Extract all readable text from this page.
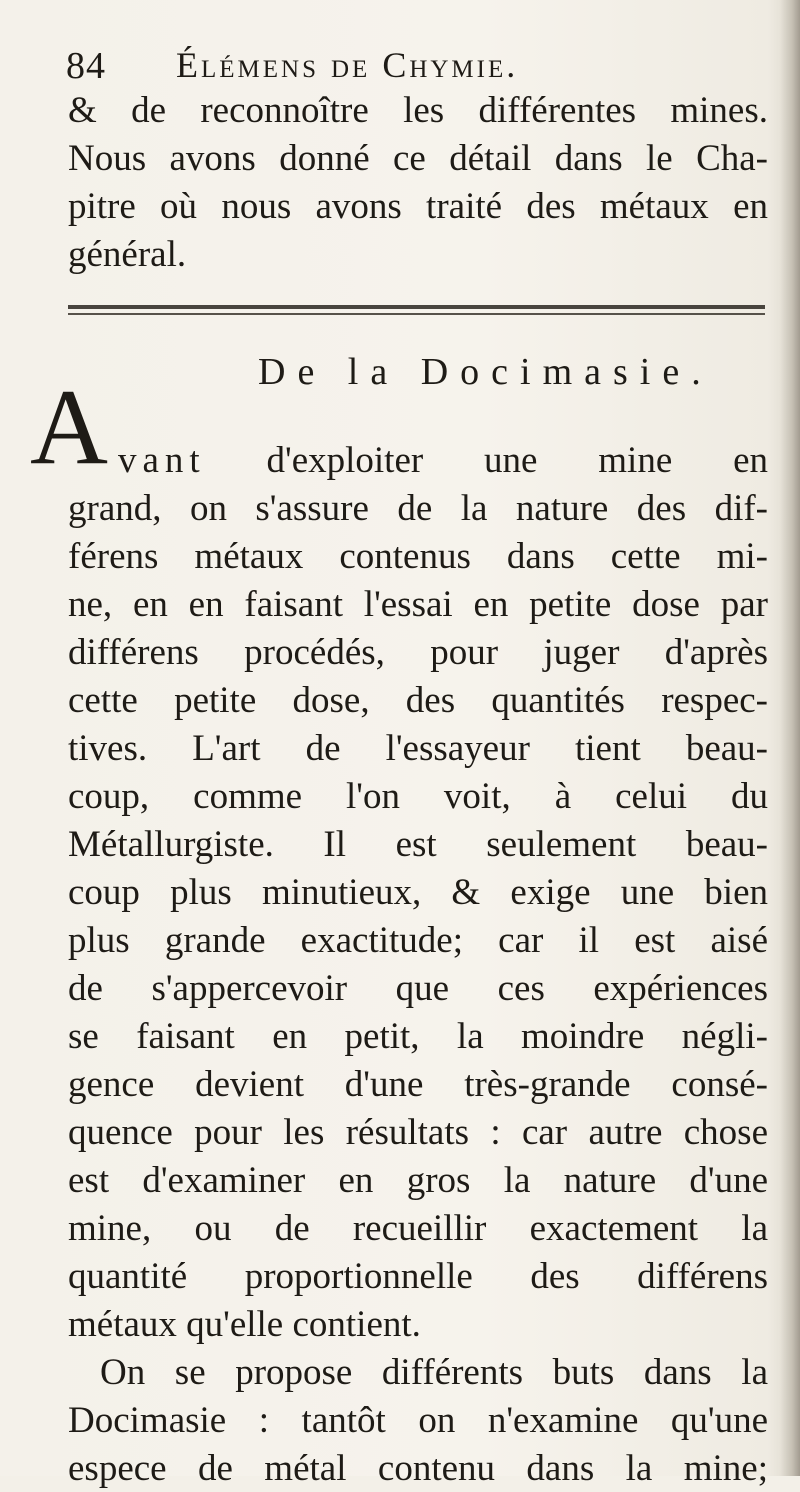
84 Élémens de Chymie.
& de reconnoître les différentes mines.
Nous avons donné ce détail dans le Cha-
pitre où nous avons traité des métaux en
général.
De la Docimasie.
A vant d'exploiter une mine en
grand, on s'assure de la nature des dif-
férens métaux contenus dans cette mi-
ne, en en faisant l'essai en petite dose par
différens procédés, pour juger d'après
cette petite dose, des quantités respec-
tives. L'art de l'essayeur tient beau-
coup, comme l'on voit, à celui du
Métallurgiste. Il est seulement beau-
coup plus minutieux, & exige une bien
plus grande exactitude; car il est aisé
de s'appercevoir que ces expériences
se faisant en petit, la moindre négli-
gence devient d'une très-grande consé-
quence pour les résultats : car autre chose
est d'examiner en gros la nature d'une
mine, ou de recueillir exactement la
quantité proportionnelle des différens
métaux qu'elle contient.
On se propose différents buts dans la
Docimasie : tantôt on n'examine qu'une
espece de métal contenu dans la mine;
